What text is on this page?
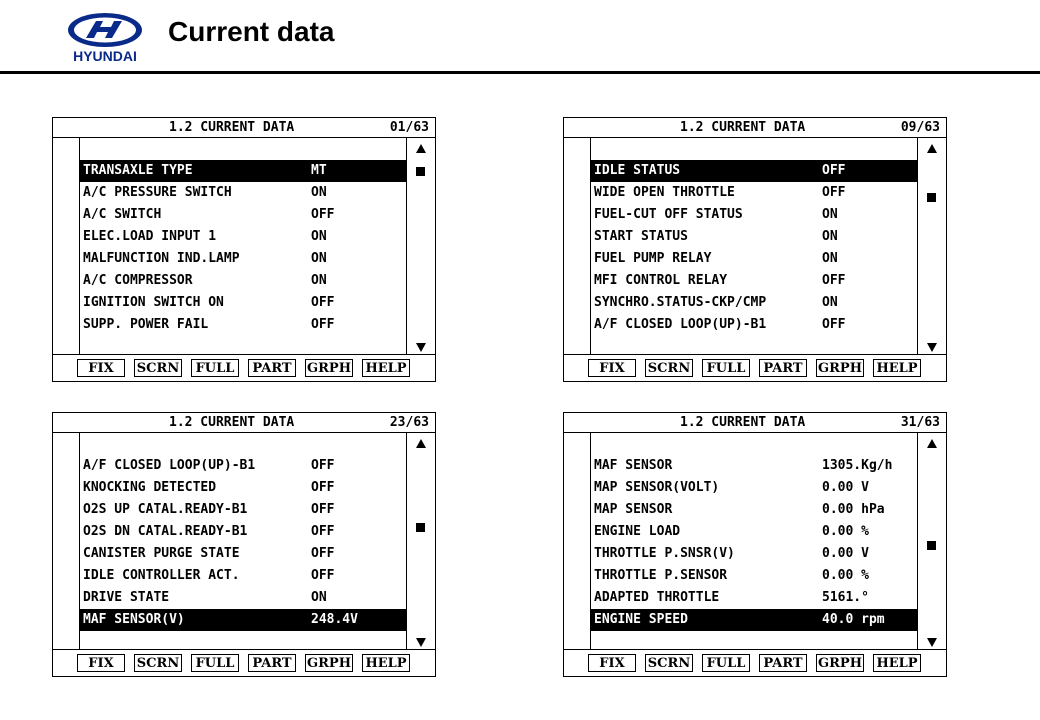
HYUNDAI
Current data
1.2 CURRENT DATA	01/63
TRANSAXLE TYPE	MT
A/C PRESSURE SWITCH	ON
A/C SWITCH	OFF
ELEC.LOAD INPUT 1	ON
MALFUNCTION IND.LAMP	ON
A/C COMPRESSOR	ON
IGNITION SWITCH ON	OFF
SUPP. POWER FAIL	OFF
FIX	SCRN	FULL	PART	GRPH HELP
1.2 CURRENT DATA	09/63
IDLE STATUS	OFF
WIDE OPEN THROTTLE	OFF
FUEL-CUT OFF STATUS	ON
START STATUS	ON
FUEL PUMP RELAY	ON
MFI CONTROL RELAY	OFF
SYNCHRO.STATUS-CKP/CMP	ON
A/F CLOSED LOOP(UP)-B1	OFF
FIX	SCRN	FULL	PART	GRPH HELP
1.2 CURRENT DATA	23/63
A/F CLOSED LOOP(UP)-B1	OFF
KNOCKING DETECTED	OFF
O2S UP CATAL.READY-B1	OFF
O2S DN CATAL.READY-B1	OFF
CANISTER PURGE STATE	OFF
IDLE CONTROLLER ACT.	OFF
DRIVE STATE	ON
MAF SENSOR(V)	248.4V
FIX	SCRN	FULL	PART	GRPH HELP
1.2 CURRENT DATA	31/63
MAF SENSOR	1305.Kg/h
MAP SENSOR(VOLT)	0.00 V
MAP SENSOR	0.00 hPa
ENGINE LOAD	0.00 %
THROTTLE P.SNSR(V)	0.00 V
THROTTLE P.SENSOR	0.00 %
ADAPTED THROTTLE	5161.°
ENGINE SPEED	40.0 rpm
FIX	SCRN	FULL	PART	GRPH HELP
